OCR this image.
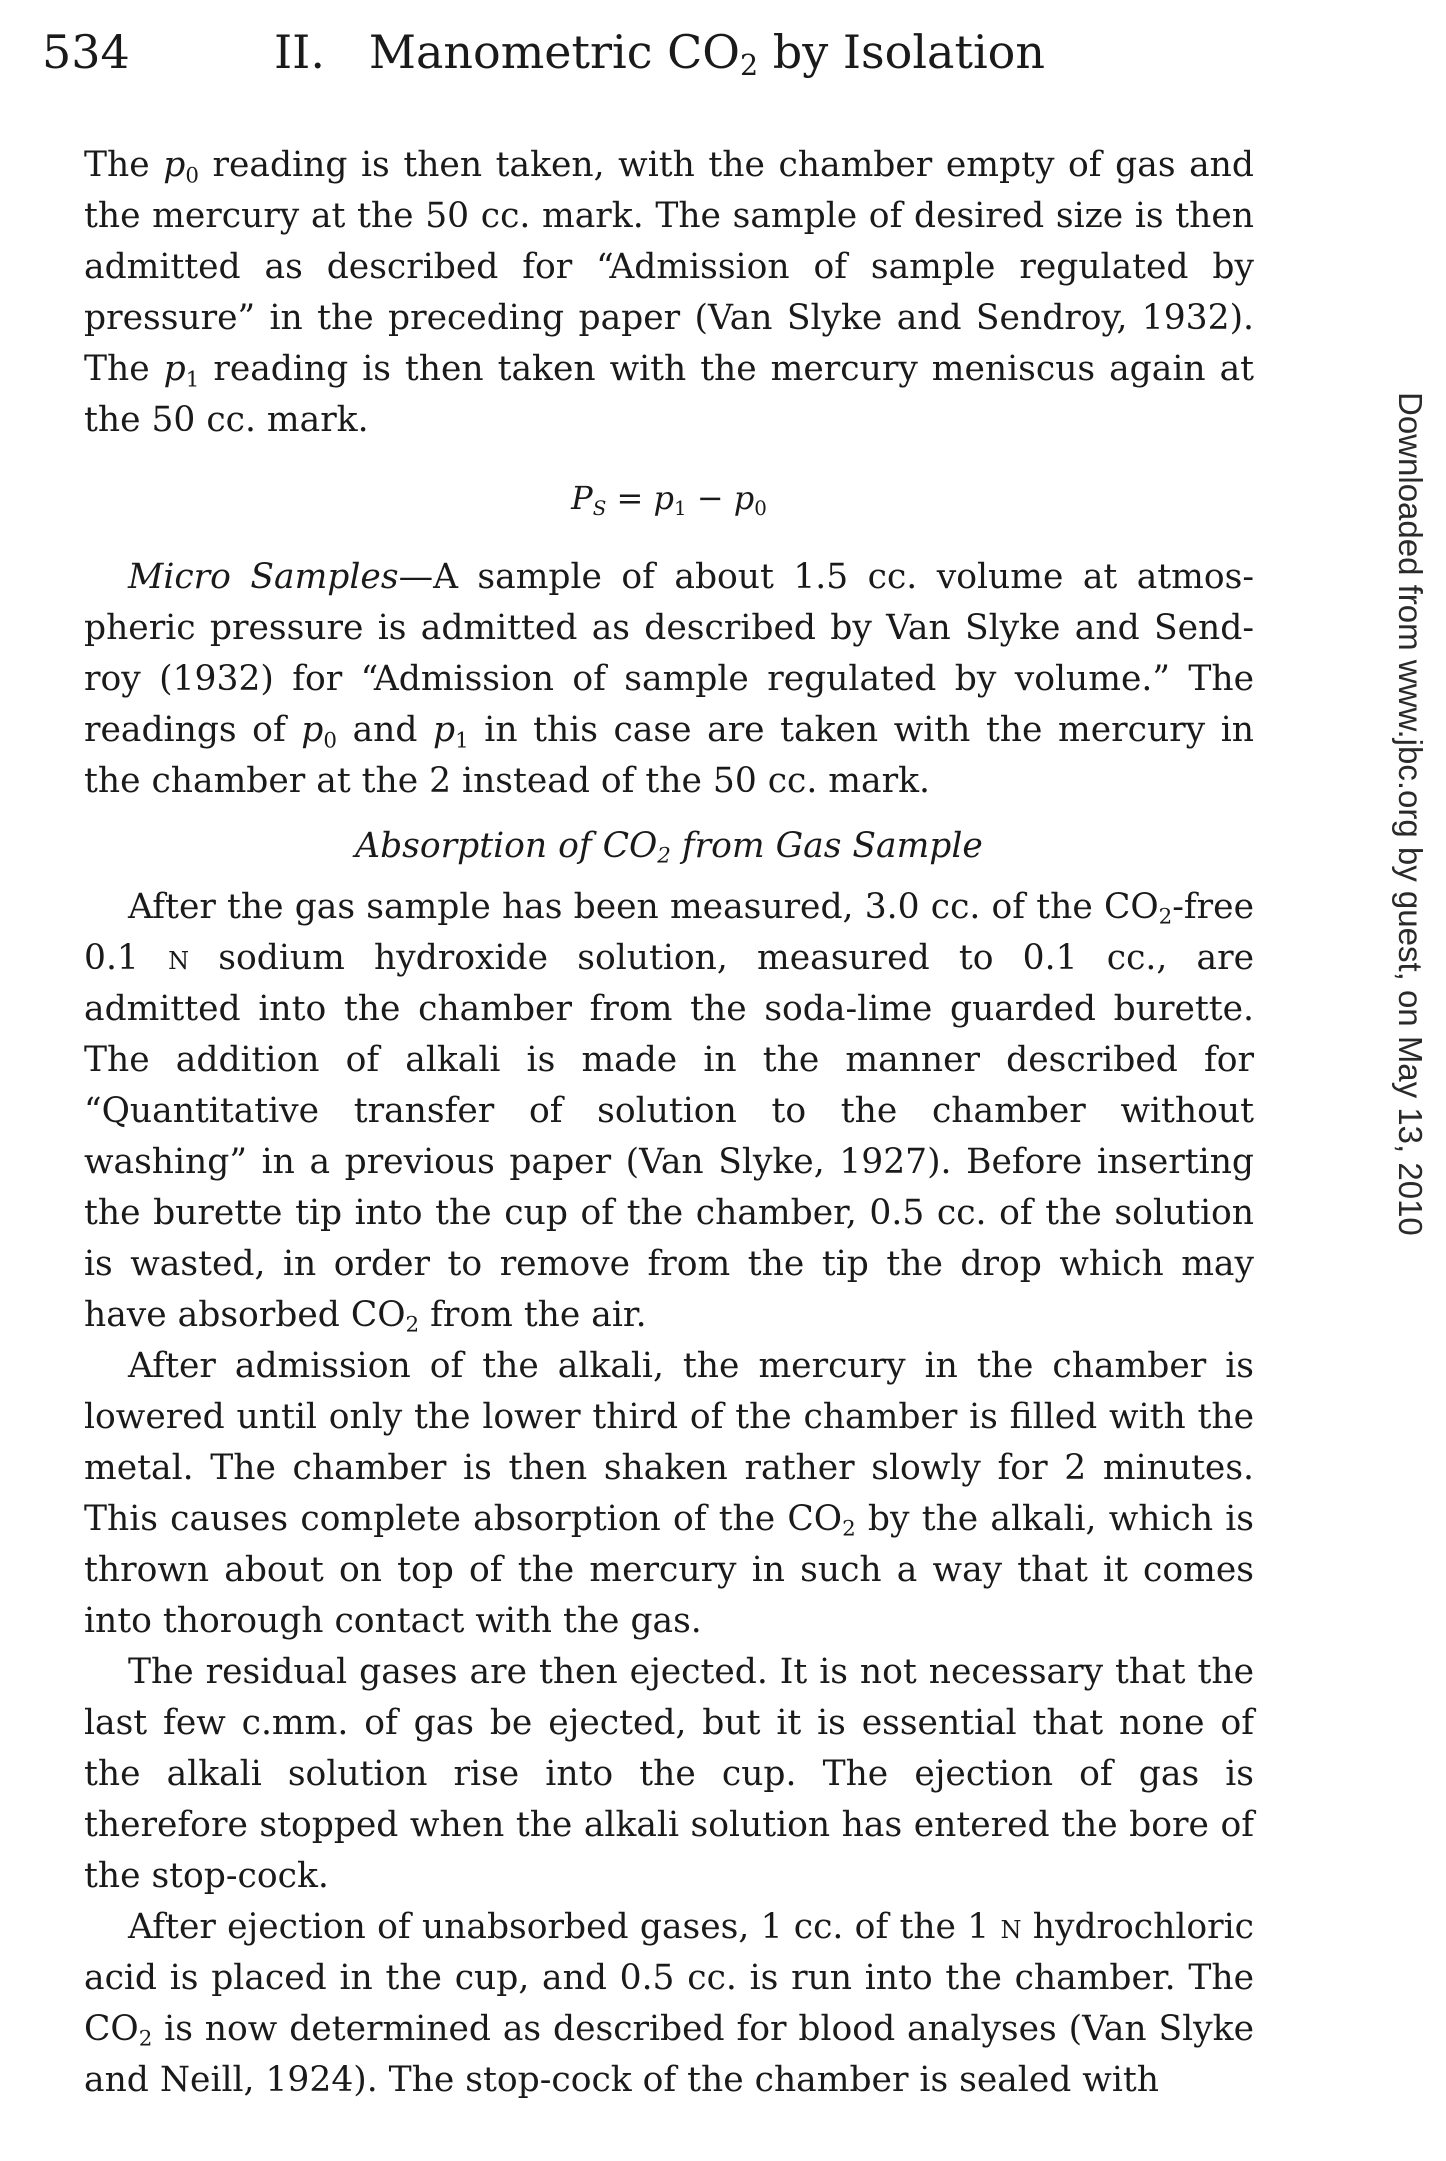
534	II. Manometric $CO_2$ by Isolation

The $p_0$ reading is then taken, with the chamber empty of gas and the mercury at the 50 cc. mark. The sample of desired size is then admitted as described for “Admission of sample regulated by pressure” in the preceding paper (Van Slyke and Sendroy, 1932). The $p_1$ reading is then taken with the mercury meniscus again at the 50 cc. mark.

$P_S = p_1 - p_0$

Micro Samples—A sample of about 1.5 cc. volume at atmospheric pressure is admitted as described by Van Slyke and Sendroy (1932) for “Admission of sample regulated by volume.” The readings of $p_0$ and $p_1$ in this case are taken with the mercury in the chamber at the 2 instead of the 50 cc. mark.

Absorption of $CO_2$ from Gas Sample

After the gas sample has been measured, 3.0 cc. of the $CO_2$-free 0.1 n sodium hydroxide solution, measured to 0.1 cc., are admitted into the chamber from the soda-lime guarded burette. The addition of alkali is made in the manner described for “Quantitative transfer of solution to the chamber without washing” in a previous paper (Van Slyke, 1927). Before inserting the burette tip into the cup of the chamber, 0.5 cc. of the solution is wasted, in order to remove from the tip the drop which may have absorbed $CO_2$ from the air.

After admission of the alkali, the mercury in the chamber is lowered until only the lower third of the chamber is filled with the metal. The chamber is then shaken rather slowly for 2 minutes. This causes complete absorption of the $CO_2$ by the alkali, which is thrown about on top of the mercury in such a way that it comes into thorough contact with the gas.

The residual gases are then ejected. It is not necessary that the last few c.mm. of gas be ejected, but it is essential that none of the alkali solution rise into the cup. The ejection of gas is therefore stopped when the alkali solution has entered the bore of the stop-cock.

After ejection of unabsorbed gases, 1 cc. of the 1 n hydrochloric acid is placed in the cup, and 0.5 cc. is run into the chamber. The $CO_2$ is now determined as described for blood analyses (Van Slyke and Neill, 1924). The stop-cock of the chamber is sealed with

Downloaded from www.jbc.org by guest, on May 13, 2010
